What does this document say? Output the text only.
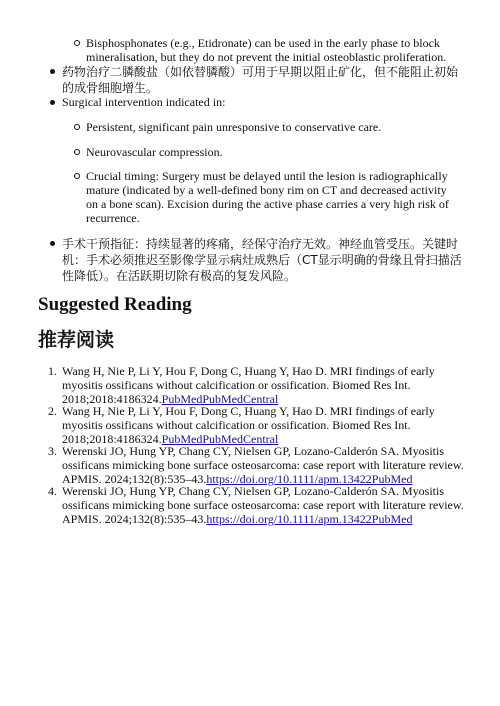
Bisphosphonates (e.g., Etidronate) can be used in the early phase to block mineralisation, but they do not prevent the initial osteoblastic proliferation.
药物治疗二膦酸盐（如依替膦酸）可用于早期以阻止矿化，但不能阻止初始的成骨细胞增生。
Surgical intervention indicated in:
Persistent, significant pain unresponsive to conservative care.
Neurovascular compression.
Crucial timing: Surgery must be delayed until the lesion is radiographically mature (indicated by a well-defined bony rim on CT and decreased activity on a bone scan). Excision during the active phase carries a very high risk of recurrence.
手术干预指征：持续显著的疼痛，经保守治疗无效。神经血管受压。关键时机：手术必须推迟至影像学显示病灶成熟后（CT显示明确的骨缘且骨扫描活性降低）。在活跃期切除有极高的复发风险。
Suggested Reading
推荐阅读
1. Wang H, Nie P, Li Y, Hou F, Dong C, Huang Y, Hao D. MRI findings of early myositis ossificans without calcification or ossification. Biomed Res Int. 2018;2018:4186324.PubMedPubMedCentral
2. Wang H, Nie P, Li Y, Hou F, Dong C, Huang Y, Hao D. MRI findings of early myositis ossificans without calcification or ossification. Biomed Res Int. 2018;2018:4186324.PubMedPubMedCentral
3. Werenski JO, Hung YP, Chang CY, Nielsen GP, Lozano-Calderón SA. Myositis ossificans mimicking bone surface osteosarcoma: case report with literature review. APMIS. 2024;132(8):535–43.https://doi.org/10.1111/apm.13422PubMed
4. Werenski JO, Hung YP, Chang CY, Nielsen GP, Lozano-Calderón SA. Myositis ossificans mimicking bone surface osteosarcoma: case report with literature review. APMIS. 2024;132(8):535–43.https://doi.org/10.1111/apm.13422PubMed
